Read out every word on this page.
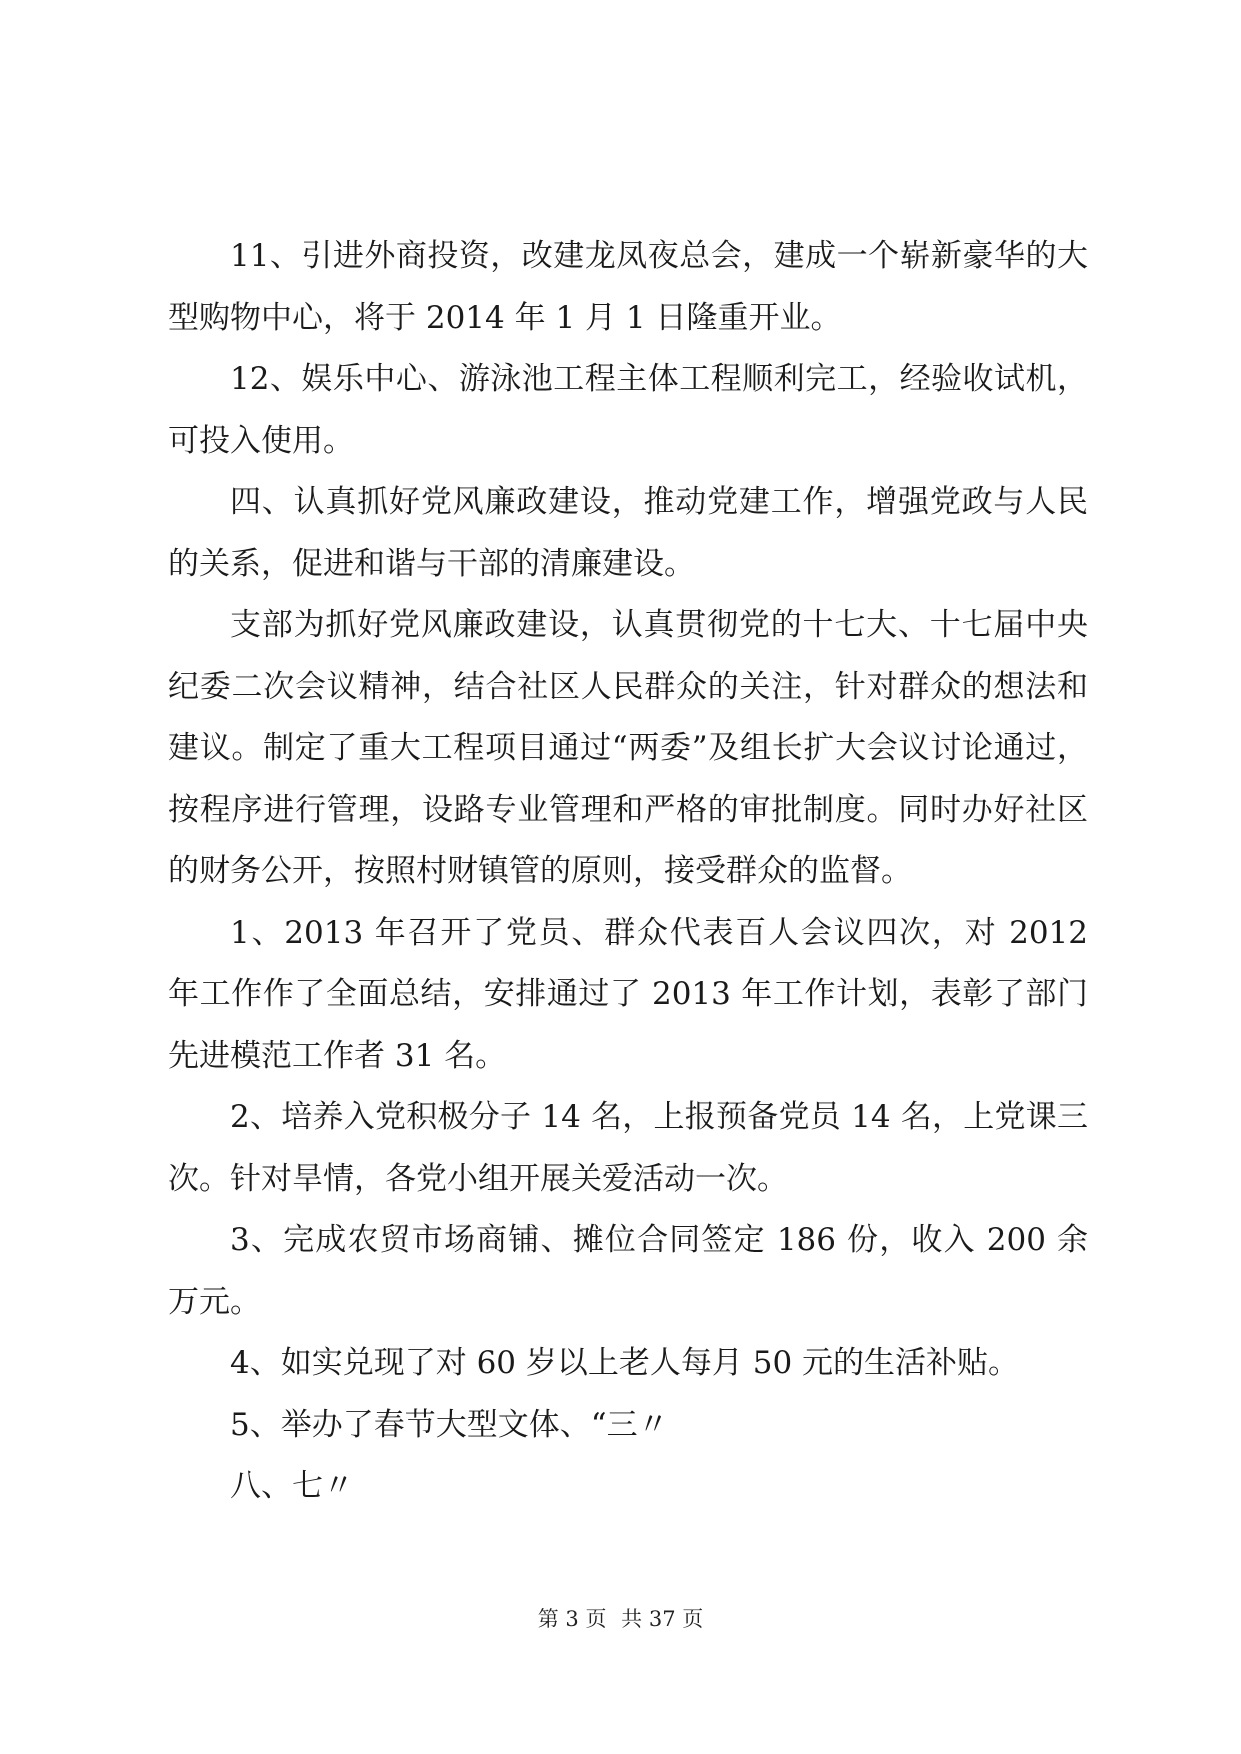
11、引进外商投资，改建龙凤夜总会，建成一个崭新豪华的大型购物中心，将于 2014 年 1 月 1 日隆重开业。

12、娱乐中心、游泳池工程主体工程顺利完工，经验收试机，可投入使用。

四、认真抓好党风廉政建设，推动党建工作，增强党政与人民的关系，促进和谐与干部的清廉建设。

支部为抓好党风廉政建设，认真贯彻党的十七大、十七届中央纪委二次会议精神，结合社区人民群众的关注，针对群众的想法和建议。制定了重大工程项目通过“两委”及组长扩大会议讨论通过，按程序进行管理，设路专业管理和严格的审批制度。同时办好社区的财务公开，按照村财镇管的原则，接受群众的监督。

1、2013 年召开了党员、群众代表百人会议四次，对 2012 年工作作了全面总结，安排通过了 2013 年工作计划，表彰了部门先进模范工作者 31 名。

2、培养入党积极分子 14 名，上报预备党员 14 名，上党课三次。针对旱情，各党小组开展关爱活动一次。

3、完成农贸市场商铺、摊位合同签定 186 份，收入 200 余万元。

4、如实兑现了对 60 岁以上老人每月 50 元的生活补贴。

5、举办了春节大型文体、“三〃

八、七〃

第 3 页 共 37 页
